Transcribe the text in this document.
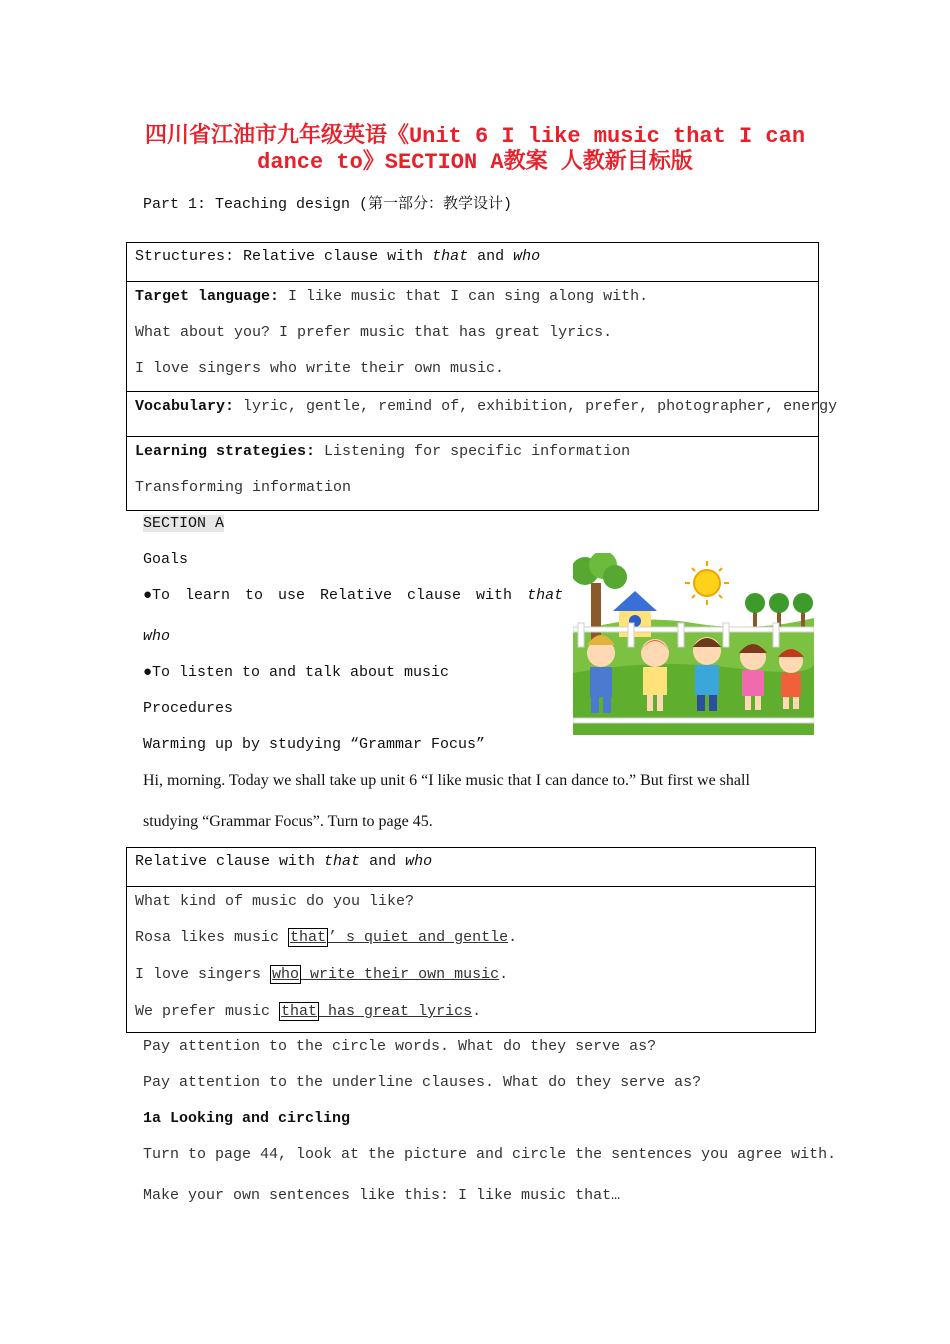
四川省江油市九年级英语《Unit 6 I like music that I can
dance to》SECTION A教案 人教新目标版
Part 1: Teaching design (第一部分：教学设计)
Structures: Relative clause with that and who
Target language: I like music that I can sing along with.
What about you? I prefer music that has great lyrics.
I love singers who write their own music.
Vocabulary: lyric, gentle, remind of, exhibition, prefer, photographer, energy
Learning strategies: Listening for specific information
Transforming information
SECTION A
Goals
●To learn to use Relative clause with that
who
●To listen to and talk about music
Procedures
Warming up by studying “Grammar Focus”
Hi, morning. Today we shall take up unit 6 “I like music that I can dance to.” But first we shall
studying “Grammar Focus”. Turn to page 45.
Relative clause with that and who
What kind of music do you like?
Rosa likes music that ’ s quiet and gentle.
I love singers who write their own music.
We prefer music that has great lyrics.
Pay attention to the circle words. What do they serve as?
Pay attention to the underline clauses. What do they serve as?
1a Looking and circling
Turn to page 44, look at the picture and circle the sentences you agree with.
Make your own sentences like this: I like music that…
